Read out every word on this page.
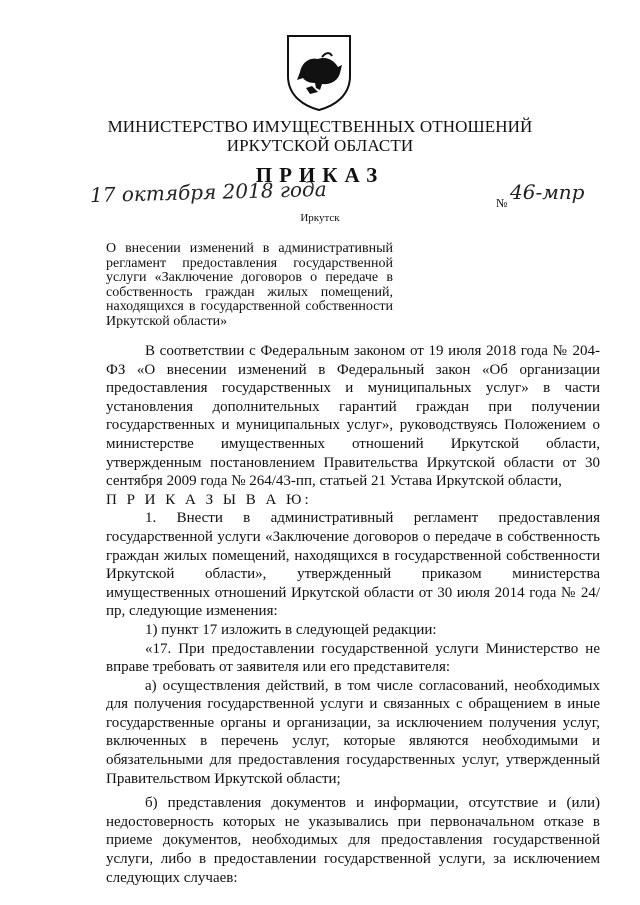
МИНИСТЕРСТВО ИМУЩЕСТВЕННЫХ ОТНОШЕНИЙ
ИРКУТСКОЙ ОБЛАСТИ
ПРИКАЗ
17 октября 2018 года	№ 46-мпр
Иркутск
О внесении изменений в административный регламент предоставления государственной услуги «Заключение договоров о передаче в собственность граждан жилых помещений, находящихся в государственной собственности Иркутской области»

В соответствии с Федеральным законом от 19 июля 2018 года № 204-ФЗ «О внесении изменений в Федеральный закон «Об организации предоставления государственных и муниципальных услуг» в части установления дополнительных гарантий граждан при получении государственных и муниципальных услуг», руководствуясь Положением о министерстве имущественных отношений Иркутской области, утвержденным постановлением Правительства Иркутской области от 30 сентября 2009 года № 264/43-пп, статьей 21 Устава Иркутской области,

П Р И К А З Ы В А Ю:

1. Внести в административный регламент предоставления государственной услуги «Заключение договоров о передаче в собственность граждан жилых помещений, находящихся в государственной собственности Иркутской области», утвержденный приказом министерства имущественных отношений Иркутской области от 30 июля 2014 года № 24/пр, следующие изменения:

1) пункт 17 изложить в следующей редакции:

«17. При предоставлении государственной услуги Министерство не вправе требовать от заявителя или его представителя:

а) осуществления действий, в том числе согласований, необходимых для получения государственной услуги и связанных с обращением в иные государственные органы и организации, за исключением получения услуг, включенных в перечень услуг, которые являются необходимыми и обязательными для предоставления государственных услуг, утвержденный Правительством Иркутской области;

б) представления документов и информации, отсутствие и (или) недостоверность которых не указывались при первоначальном отказе в приеме документов, необходимых для предоставления государственной услуги, либо в предоставлении государственной услуги, за исключением следующих случаев:
